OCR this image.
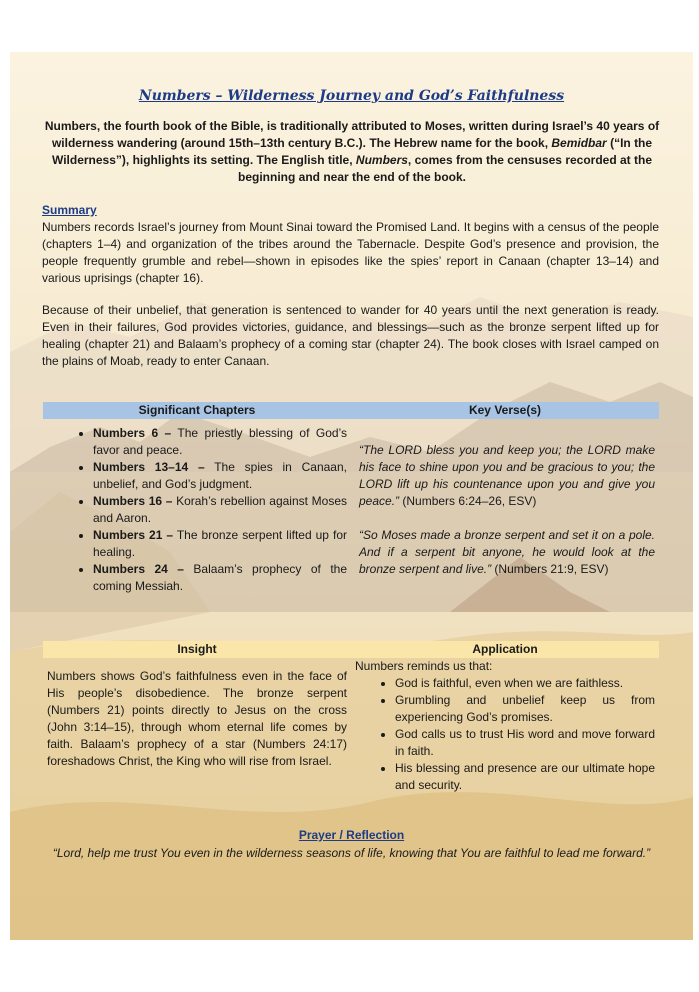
Numbers – Wilderness Journey and God’s Faithfulness

Numbers, the fourth book of the Bible, is traditionally attributed to Moses, written during Israel’s 40 years of wilderness wandering (around 15th–13th century B.C.). The Hebrew name for the book, Bemidbar (“In the Wilderness”), highlights its setting. The English title, Numbers, comes from the censuses recorded at the beginning and near the end of the book.

Summary

Numbers records Israel’s journey from Mount Sinai toward the Promised Land. It begins with a census of the people (chapters 1–4) and organization of the tribes around the Tabernacle. Despite God’s presence and provision, the people frequently grumble and rebel—shown in episodes like the spies’ report in Canaan (chapter 13–14) and various uprisings (chapter 16).

Because of their unbelief, that generation is sentenced to wander for 40 years until the next generation is ready. Even in their failures, God provides victories, guidance, and blessings—such as the bronze serpent lifted up for healing (chapter 21) and Balaam’s prophecy of a coming star (chapter 24). The book closes with Israel camped on the plains of Moab, ready to enter Canaan.

Significant Chapters	Key Verse(s)
• Numbers 6 – The priestly blessing of God’s favor and peace.
• Numbers 13–14 – The spies in Canaan, unbelief, and God’s judgment.
• Numbers 16 – Korah’s rebellion against Moses and Aaron.
• Numbers 21 – The bronze serpent lifted up for healing.
• Numbers 24 – Balaam’s prophecy of the coming Messiah.

“The LORD bless you and keep you; the LORD make his face to shine upon you and be gracious to you; the LORD lift up his countenance upon you and give you peace.” (Numbers 6:24–26, ESV)

“So Moses made a bronze serpent and set it on a pole. And if a serpent bit anyone, he would look at the bronze serpent and live.” (Numbers 21:9, ESV)

Insight	Application

Numbers shows God’s faithfulness even in the face of His people’s disobedience. The bronze serpent (Numbers 21) points directly to Jesus on the cross (John 3:14–15), through whom eternal life comes by faith. Balaam’s prophecy of a star (Numbers 24:17) foreshadows Christ, the King who will rise from Israel.

Numbers reminds us that:

• God is faithful, even when we are faithless.
• Grumbling and unbelief keep us from experiencing God’s promises.
• God calls us to trust His word and move forward in faith.
• His blessing and presence are our ultimate hope and security.
Prayer / Reflection

“Lord, help me trust You even in the wilderness seasons of life, knowing that You are faithful to lead me forward.”
